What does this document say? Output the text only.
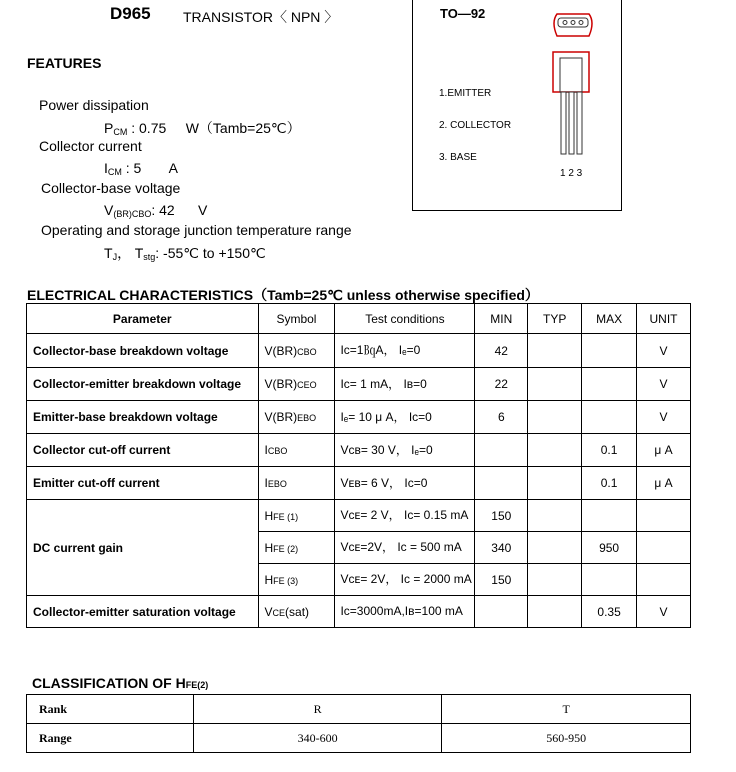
D965 TRANSISTOR〈 NPN 〉	TO—92
1.EMITTER
2. COLLECTOR
3. BASE
1 2 3
FEATURES
Power dissipation
$P_{CM}$ : 0.75 W（Tamb=25℃）
Collector current
$I_{CM}$ : 5 A
Collector-base voltage
$V_{(BR)CBO}$: 42 V
Operating and storage junction temperature range
$T_J$， $T_{stg}$: -55℃ to +150℃
ELECTRICAL CHARACTERISTICS（Tamb=25℃ unless otherwise specified）
Parameter	Symbol	Test conditions	MIN	TYP	MAX	UNIT
Collector-base breakdown voltage	V(BR)CBO	Ic=1㏃A， Iₑ=0	42			V
Collector-emitter breakdown voltage	V(BR)CEO	Ic= 1 mA， Iʙ=0	22			V
Emitter-base breakdown voltage	V(BR)EBO	Iₑ= 10 μ A， Ic=0	6			V
Collector cut-off current	ICBO	Vᴄʙ= 30 V， Iₑ=0			0.1	μ A
Emitter cut-off current	IEBO	Vᴇʙ= 6 V， Ic=0			0.1	μ A
DC current gain	HFE (1)	Vᴄᴇ= 2 V， Ic= 0.15 mA	150			
	HFE (2)	Vᴄᴇ=2V， Ic = 500 mA	340		950	
	HFE (3)	Vᴄᴇ= 2V， Ic = 2000 mA	150			
Collector-emitter saturation voltage	VCE(sat)	Ic=3000mA,Iʙ=100 mA			0.35	V
CLASSIFICATION OF HFE(2)
Rank	R	T
Range	340-600	560-950
